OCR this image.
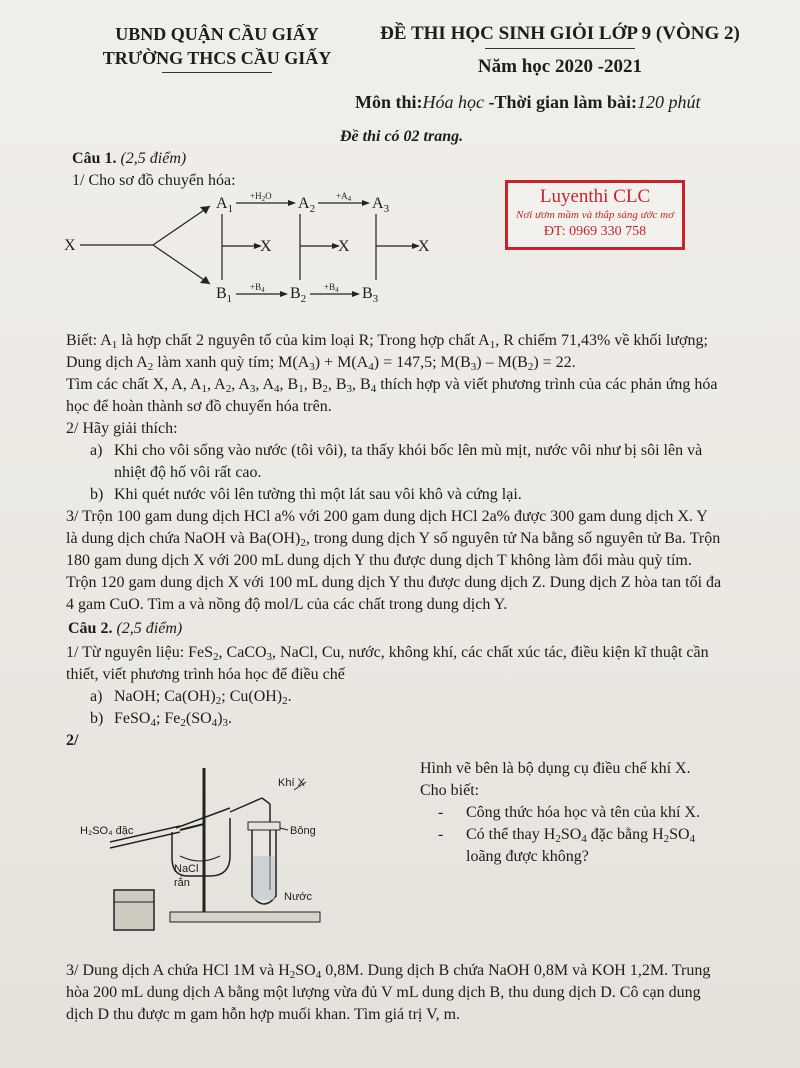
UBND QUẬN CẦU GIẤY
TRƯỜNG THCS CẦU GIẤY
ĐỀ THI HỌC SINH GIỎI LỚP 9 (VÒNG 2)
Năm học 2020 -2021
Môn thi:Hóa học -Thời gian làm bài:120 phút
Đề thi có 02 trang.
Câu 1. (2,5 điểm)
1/ Cho sơ đồ chuyển hóa:
X
$A_1$
$B_1$
$+H_2O$ $A_2$
$+A_4$ $A_3$
$+B_4$ $B_2$
$+B_4$ $B_3$
X	X	X
Luyenthi CLC
Nơi ươm mầm và thắp sáng ước mơ
ĐT: 0969 330 758
Biết: $A_1$ là hợp chất 2 nguyên tố của kim loại R; Trong hợp chất $A_1$, R chiếm 71,43% về khối lượng;
Dung dịch $A_2$ làm xanh quỳ tím; $M(A_3) + M(A_4) = 147,5$; $M(B_3) - M(B_2) = 22$.
Tìm các chất X, A, $A_1$, $A_2$, $A_3$, $A_4$, $B_1$, $B_2$, $B_3$, $B_4$ thích hợp và viết phương trình của các phản ứng hóa
học để hoàn thành sơ đồ chuyển hóa trên.
2/ Hãy giải thích:
a) Khi cho vôi sống vào nước (tôi vôi), ta thấy khói bốc lên mù mịt, nước vôi như bị sôi lên và
nhiệt độ hố vôi rất cao.
b) Khi quét nước vôi lên tường thì một lát sau vôi khô và cứng lại.
3/ Trộn 100 gam dung dịch HCl a% với 200 gam dung dịch HCl 2a% được 300 gam dung dịch X. Y
là dung dịch chứa NaOH và $Ba(OH)_2$, trong dung dịch Y số nguyên tử Na bằng số nguyên tử Ba. Trộn
180 gam dung dịch X với 200 mL dung dịch Y thu được dung dịch T không làm đổi màu quỳ tím.
Trộn 120 gam dung dịch X với 100 mL dung dịch Y thu được dung dịch Z. Dung dịch Z hòa tan tối đa
4 gam CuO. Tìm a và nồng độ mol/L của các chất trong dung dịch Y.
Câu 2. (2,5 điểm)
1/ Từ nguyên liệu: FeS$_2$, CaCO$_3$, NaCl, Cu, nước, không khí, các chất xúc tác, điều kiện kĩ thuật cần
thiết, viết phương trình hóa học để điều chế
a) NaOH; $Ca(OH)_2$; $Cu(OH)_2$.
b) FeSO$_4$; $Fe_2(SO_4)_3$.
2/
Khí X
H₂SO₄ đặc	Bông
NaCl
rắn
Nước
Hình vẽ bên là bộ dụng cụ điều chế khí X.
Cho biết:
-	Công thức hóa học và tên của khí X.
-	Có thể thay $H_2SO_4$ đặc bằng $H_2SO_4$
loãng được không?
3/ Dung dịch A chứa HCl 1M và $H_2SO_4$ 0,8M. Dung dịch B chứa NaOH 0,8M và KOH 1,2M. Trung
hòa 200 mL dung dịch A bằng một lượng vừa đủ V mL dung dịch B, thu dung dịch D. Cô cạn dung
dịch D thu được m gam hỗn hợp muối khan. Tìm giá trị V, m.
